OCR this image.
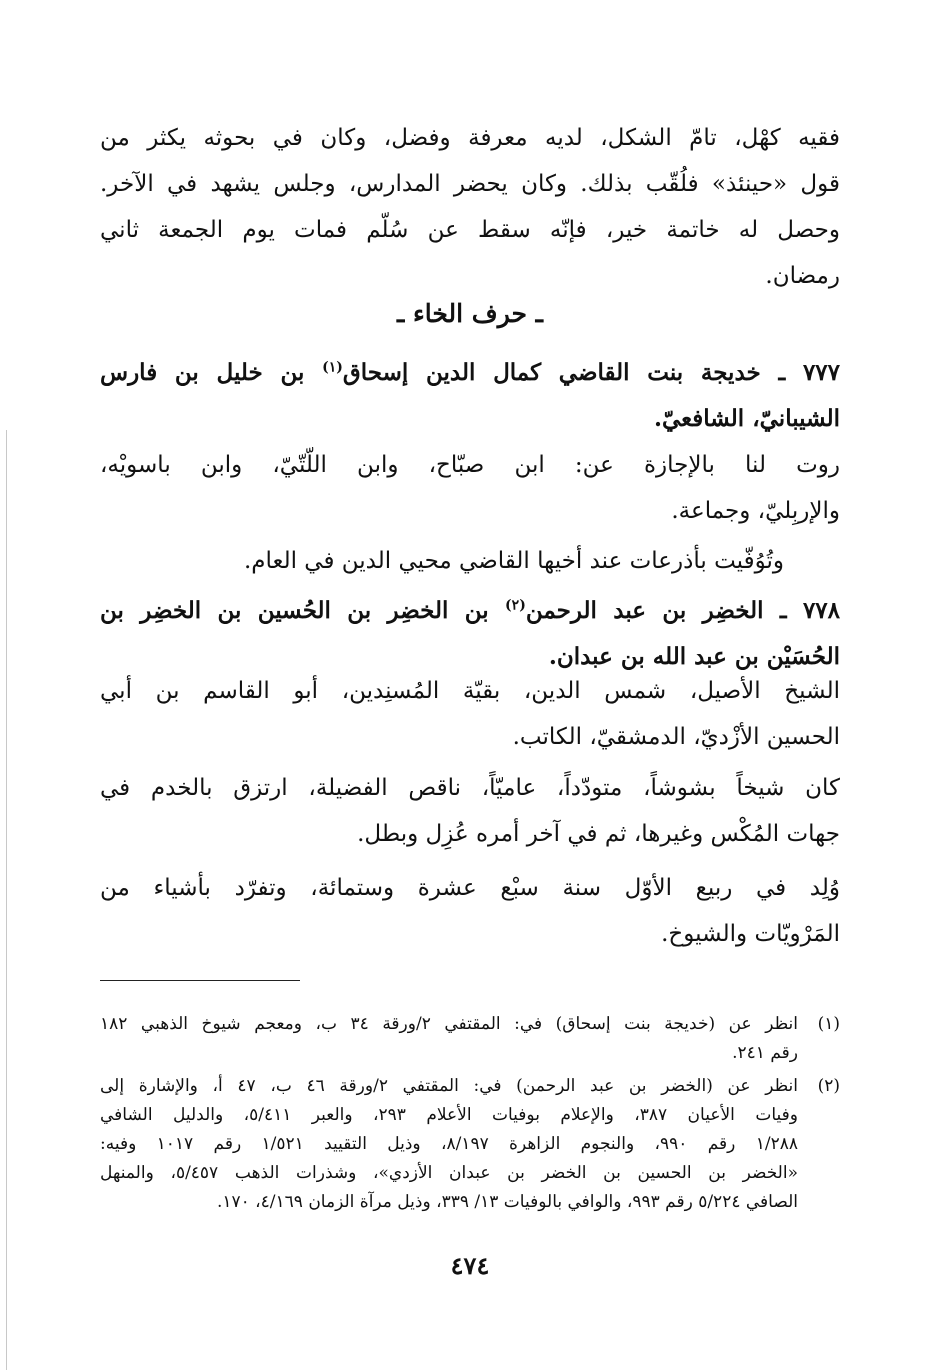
فقيه كهْل، تامّ الشكل، لديه معرفة وفضل، وكان في بحوثه يكثر من
قول «حينئذ» فلُقّب بذلك. وكان يحضر المدارس، وجلس يشهد في الآخر.
وحصل له خاتمة خير، فإنّه سقط عن سُلّم فمات يوم الجمعة ثاني
رمضان.
ـ حرف الخاء ـ
٧٧٧ ـ خديجة بنت القاضي كمال الدين إسحاق$^{(١)}$ بن خليل بن فارس
الشيبانيّ، الشافعيّ.
روت لنا بالإجازة عن: ابن صبّاح، وابن اللّتّيّ، وابن باسويْه،
والإربِليّ، وجماعة.
وتُوُفّيت بأذرعات عند أخيها القاضي محيي الدين في العام.
٧٧٨ ـ الخضِر بن عبد الرحمن$^{(٢)}$ بن الخضِر بن الحُسين بن الخضِر بن
الحُسَيْن بن عبد الله بن عبدان.
الشيخ الأصيل، شمس الدين، بقيّة المُسنِدين، أبو القاسم بن أبي
الحسين الأزْديّ، الدمشقيّ، الكاتب.
كان شيخاً بشوشاً، متودّداً، عاميّاً، ناقص الفضيلة، ارتزق بالخدم في
جهات المُكْس وغيرها، ثم في آخر أمره عُزِل وبطل.
وُلِد في ربيع الأوّل سنة سبْع عشرة وستمائة، وتفرّد بأشياء من
المَرْويّات والشيوخ.
(١)
انظر عن (خديجة بنت إسحاق) في: المقتفي ٢/ورقة ٣٤ ب، ومعجم شيوخ الذهبي ١٨٢
رقم ٢٤١.
(٢)
انظر عن (الخضر بن عبد الرحمن) في: المقتفي ٢/ورقة ٤٦ ب، ٤٧ أ، والإشارة إلى
وفيات الأعيان ٣٨٧، والإعلام بوفيات الأعلام ٢٩٣، والعبر ٥/٤١١، والدليل الشافي
١/٢٨٨ رقم ٩٩٠، والنجوم الزاهرة ٨/١٩٧، وذيل التقييد ١/٥٢١ رقم ١٠١٧ وفيه:
«الخضر بن الحسين بن الخضر بن عبدان الأزدي»، وشذرات الذهب ٥/٤٥٧، والمنهل
الصافي ٥/٢٢٤ رقم ٩٩٣، والوافي بالوفيات ١٣/ ٣٣٩، وذيل مرآة الزمان ٤/١٦٩، ١٧٠.
٤٧٤
